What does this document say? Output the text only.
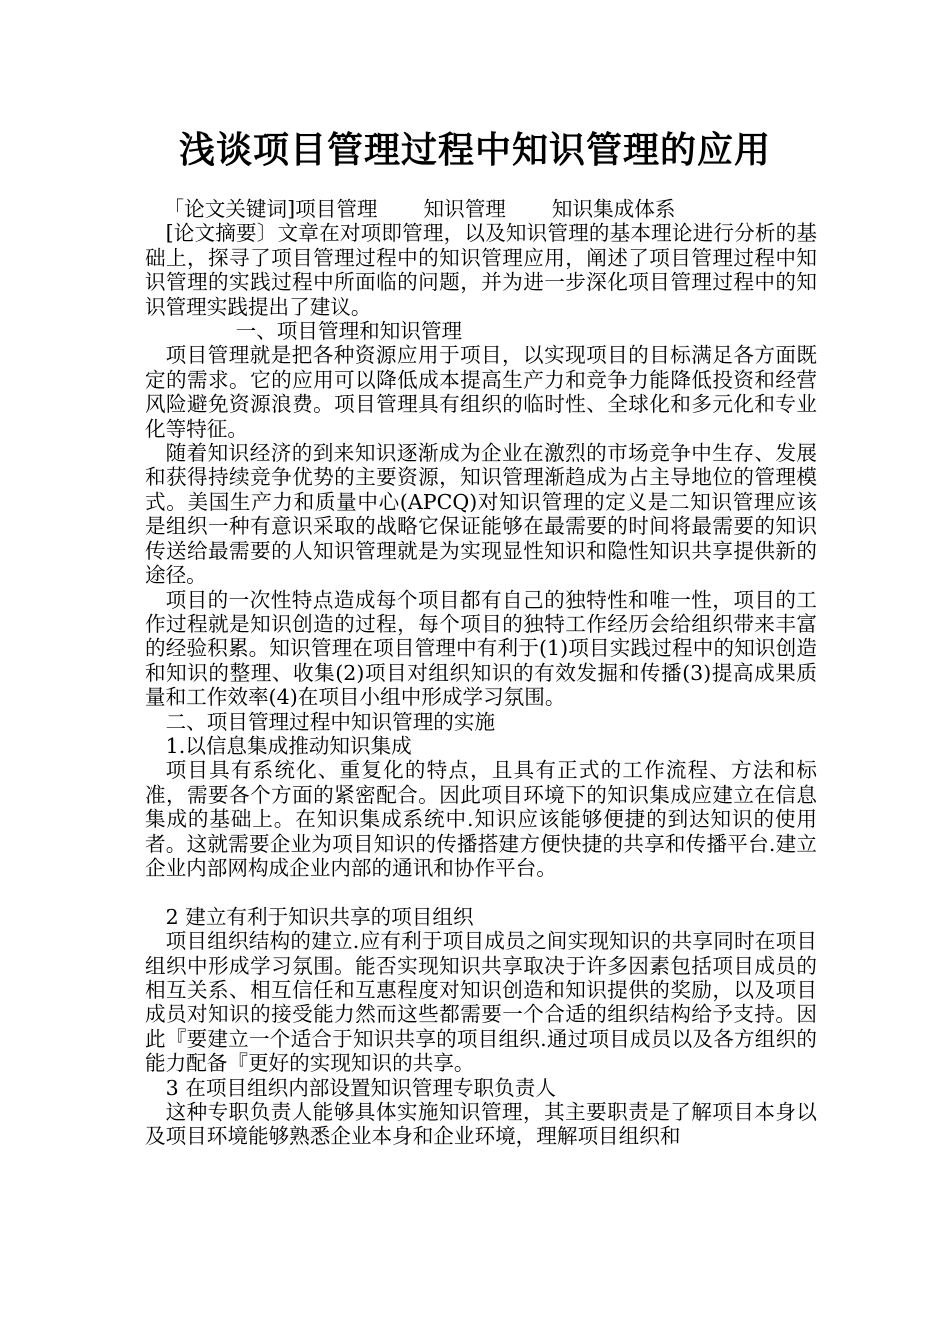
浅谈项目管理过程中知识管理的应用

「论文关键词]项目管理 知识管理 知识集成体系

[论文摘要〕文章在对项即管理，以及知识管理的基本理论进行分析的基础上，探寻了项目管理过程中的知识管理应用，阐述了项目管理过程中知识管理的实践过程中所面临的问题，并为进一步深化项目管理过程中的知识管理实践提出了建议。

一、项目管理和知识管理

项目管理就是把各种资源应用于项目，以实现项目的目标满足各方面既定的需求。它的应用可以降低成本提高生产力和竞争力能降低投资和经营风险避免资源浪费。项目管理具有组织的临时性、全球化和多元化和专业化等特征。

随着知识经济的到来知识逐渐成为企业在激烈的市场竞争中生存、发展和获得持续竞争优势的主要资源，知识管理渐趋成为占主导地位的管理模式。美国生产力和质量中心(APCQ)对知识管理的定义是二知识管理应该是组织一种有意识采取的战略它保证能够在最需要的时间将最需要的知识传送给最需要的人知识管理就是为实现显性知识和隐性知识共享提供新的途径。

项目的一次性特点造成每个项目都有自己的独特性和唯一性，项目的工作过程就是知识创造的过程，每个项目的独特工作经历会给组织带来丰富的经验积累。知识管理在项目管理中有利于(1)项目实践过程中的知识创造和知识的整理、收集(2)项目对组织知识的有效发掘和传播(3)提高成果质量和工作效率(4)在项目小组中形成学习氛围。

二、项目管理过程中知识管理的实施

1.以信息集成推动知识集成

项目具有系统化、重复化的特点，且具有正式的工作流程、方法和标准，需要各个方面的紧密配合。因此项目环境下的知识集成应建立在信息集成的基础上。在知识集成系统中.知识应该能够便捷的到达知识的使用者。这就需要企业为项目知识的传播搭建方便快捷的共享和传播平台.建立企业内部网构成企业内部的通讯和协作平台。

2 建立有利于知识共享的项目组织

项目组织结构的建立.应有利于项目成员之间实现知识的共享同时在项目组织中形成学习氛围。能否实现知识共享取决于许多因素包括项目成员的相互关系、相互信任和互惠程度对知识创造和知识提供的奖励，以及项目成员对知识的接受能力然而这些都需要一个合适的组织结构给予支持。因此『要建立一个适合于知识共享的项目组织.通过项目成员以及各方组织的能力配备『更好的实现知识的共享。

3 在项目组织内部设置知识管理专职负责人

这种专职负责人能够具体实施知识管理，其主要职责是了解项目本身以及项目环境能够熟悉企业本身和企业环境，理解项目组织和
